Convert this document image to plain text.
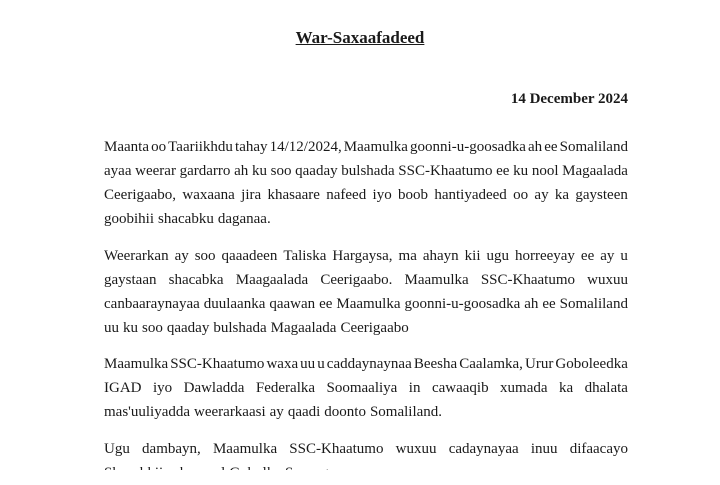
War-Saxaafadeed
14 December 2024
Maanta oo Taariikhdu tahay 14/12/2024, Maamulka goonni-u-goosadka ah ee Somaliland
ayaa weerar gardarro ah ku soo qaaday bulshada SSC-Khaatumo ee ku nool Magaalada
Ceerigaabo, waxaana jira khasaare nafeed iyo boob hantiyadeed oo ay ka gaysteen
goobihii shacabku daganaa.
Weerarkan ay soo qaaadeen Taliska Hargaysa, ma ahayn kii ugu horreeyay ee ay u
gaystaan shacabka Maagaalada Ceerigaabo. Maamulka SSC-Khaatumo wuxuu
canbaaraynayaa duulaanka qaawan ee Maamulka goonni-u-goosadka ah ee Somaliland
uu ku soo qaaday bulshada Magaalada Ceerigaabo
Maamulka SSC-Khaatumo waxa uu u caddaynaynaa Beesha Caalamka, Urur Goboleedka
IGAD iyo Dawladda Federalka Soomaaliya in cawaaqib xumada ka dhalata
mas'uuliyadda weerarkaasi ay qaadi doonto Somaliland.
Ugu dambayn, Maamulka SSC-Khaatumo wuxuu cadaynayaa inuu difaacayo
